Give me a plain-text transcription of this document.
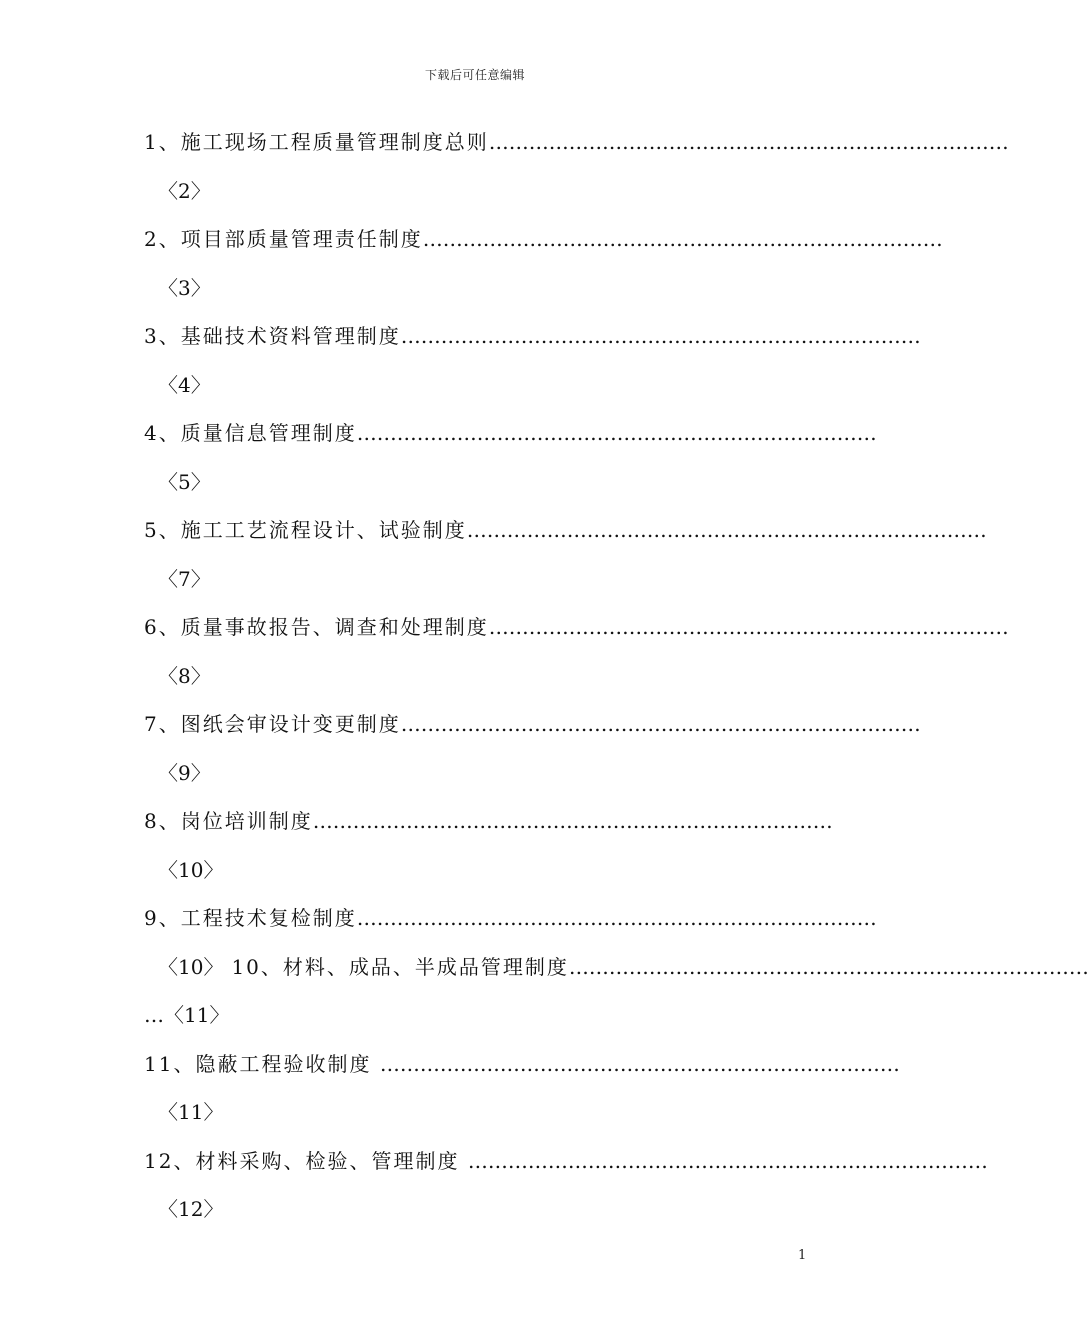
下载后可任意编辑
1、施工现场工程质量管理制度总则 ……………………………………………………………………
〈2〉
2、项目部质量管理责任制度 ……………………………………………………………………
〈3〉
3、基础技术资料管理制度 ……………………………………………………………………
〈4〉
4、质量信息管理制度 ……………………………………………………………………
〈5〉
5、施工工艺流程设计、试验制度 ……………………………………………………………………
〈7〉
6、质量事故报告、调查和处理制度 ……………………………………………………………………
〈8〉
7、图纸会审设计变更制度 ……………………………………………………………………
〈9〉
8、岗位培训制度 ……………………………………………………………………
〈10〉
9、工程技术复检制度 ……………………………………………………………………
〈10〉 10、材料、成品、半成品管理制度 ……………………………………………………………………
…〈11〉
11、隐蔽工程验收制度 ……………………………………………………………………
〈11〉
12、材料采购、检验、管理制度 ……………………………………………………………………
〈12〉
1
